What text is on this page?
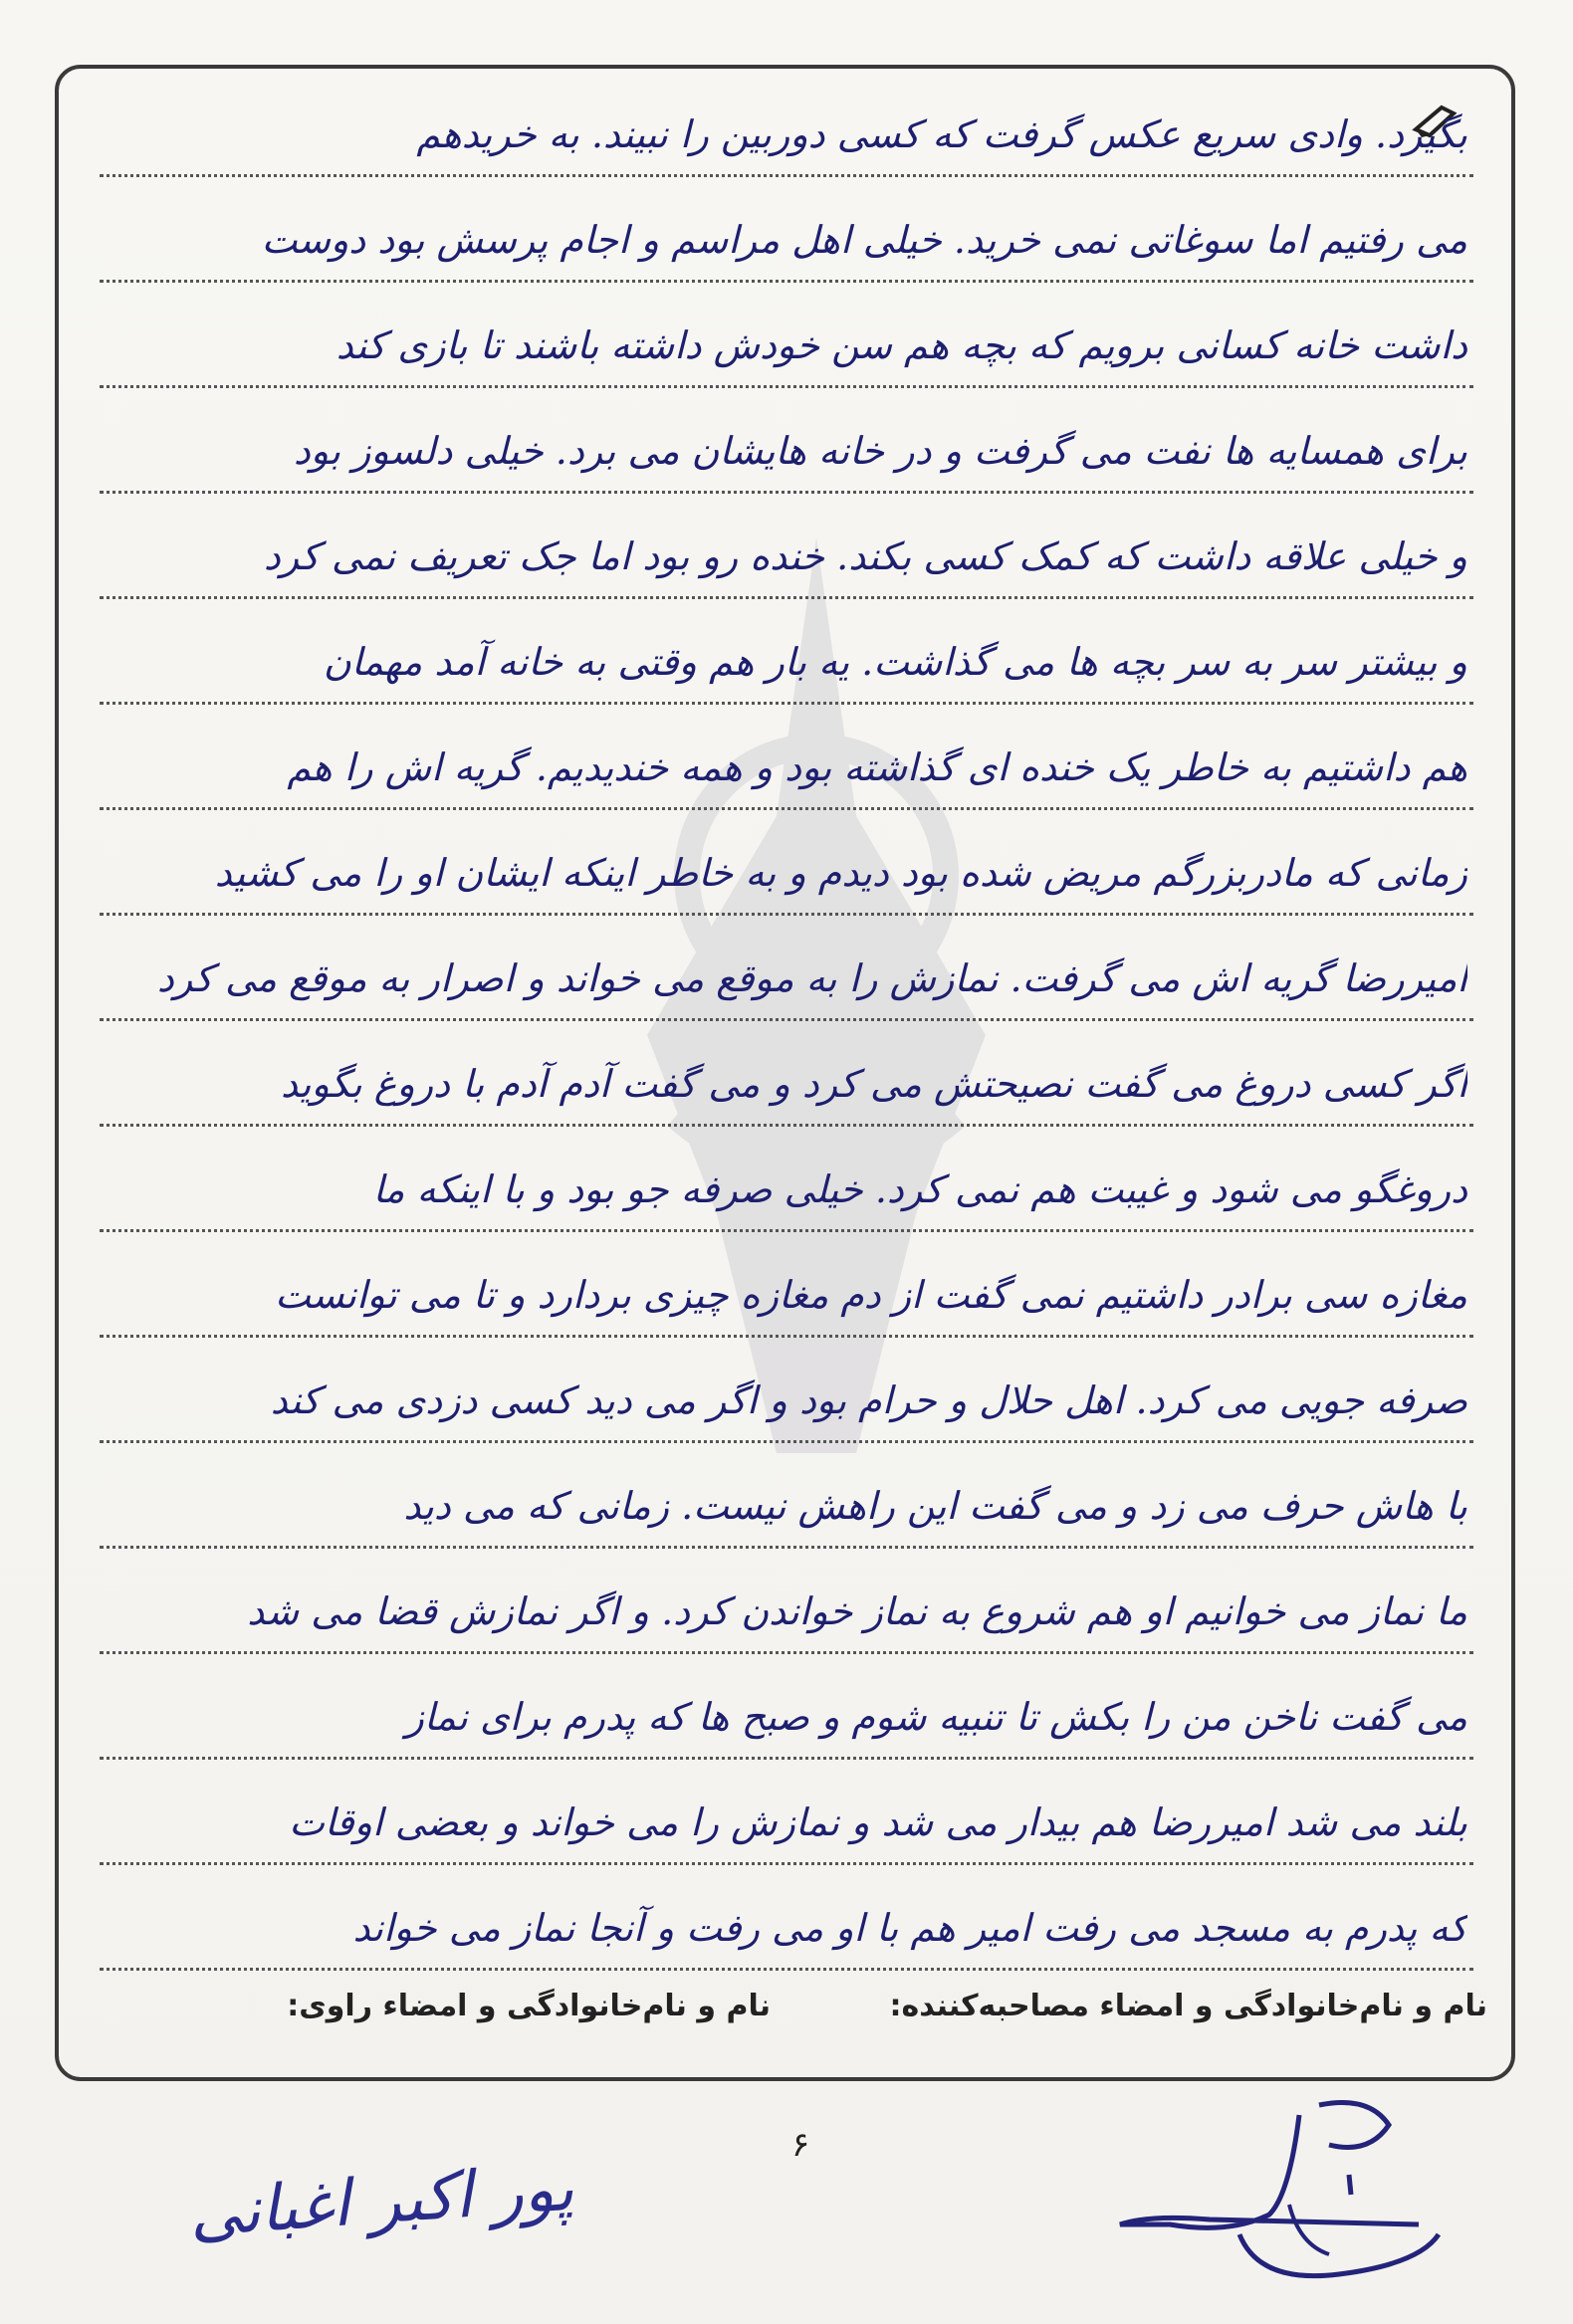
بگیرد. وادی سریع عکس گرفت که کسی دوربین را نبیند. به خریدهم
می رفتیم اما سوغاتی نمی خرید. خیلی اهل مراسم و اجام پرسش بود دوست
داشت خانه کسانی برویم که بچه هم سن خودش داشته باشند تا بازی کند
برای همسایه ها نفت می گرفت و در خانه هایشان می برد. خیلی دلسوز بود
و خیلی علاقه داشت که کمک کسی بکند. خنده رو بود اما جک تعریف نمی کرد
و بیشتر سر به سر بچه ها می گذاشت. یه بار هم وقتی به خانه آمد مهمان
هم داشتیم به خاطر یک خنده ای گذاشته بود و همه خندیدیم. گریه اش را هم
زمانی که مادربزرگم مریض شده بود دیدم و به خاطر اینکه ایشان او را می کشید
امیررضا گریه اش می گرفت. نمازش را به موقع می خواند و اصرار به موقع می کرد
اگر کسی دروغ می گفت نصیحتش می کرد و می گفت آدم آدم با دروغ بگوید
دروغگو می شود و غیبت هم نمی کرد. خیلی صرفه جو بود و با اینکه ما
مغازه سی برادر داشتیم نمی گفت از دم مغازه چیزی بردارد و تا می توانست
صرفه جویی می کرد. اهل حلال و حرام بود و اگر می دید کسی دزدی می کند
با هاش حرف می زد و می گفت این راهش نیست. زمانی که می دید
ما نماز می خوانیم او هم شروع به نماز خواندن کرد. و اگر نمازش قضا می شد
می گفت ناخن من را بکش تا تنبیه شوم و صبح ها که پدرم برای نماز
بلند می شد امیررضا هم بیدار می شد و نمازش را می خواند و بعضی اوقات
که پدرم به مسجد می رفت امیر هم با او می رفت و آنجا نماز می خواند
نام و نام‌خانوادگی و امضاء مصاحبه‌کننده:
نام و نام‌خانوادگی و امضاء راوی:
۶
پور اکبر اغبانی
